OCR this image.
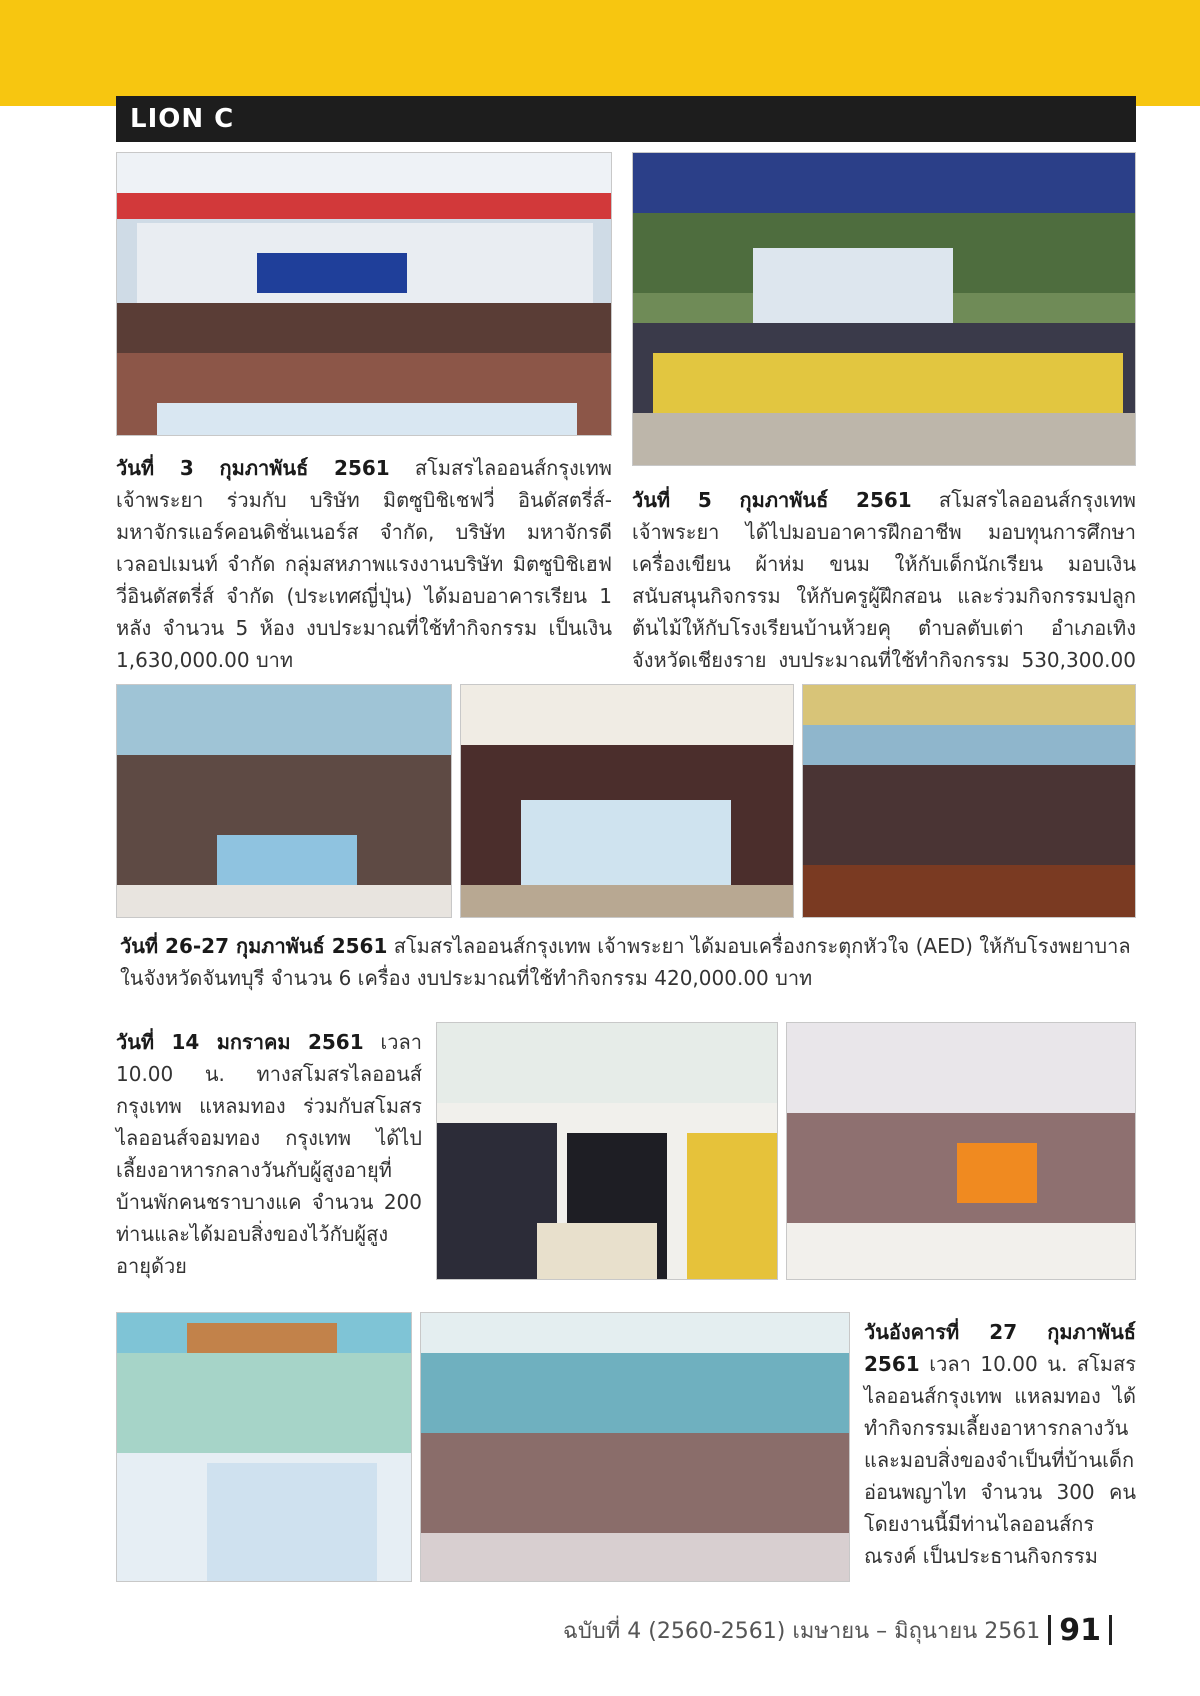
LION C
วันที่ 3 กุมภาพันธ์ 2561 สโมสรไลออนส์กรุงเทพ เจ้าพระยา ร่วมกับ บริษัท มิตซูบิชิเชฟวี่ อินดัสตรี่ส์-มหาจักรแอร์คอนดิชั่นเนอร์ส จำกัด, บริษัท มหาจักรดีเวลอปเมนท์ จำกัด กลุ่มสหภาพแรงงานบริษัท มิตซูบิชิเฮฟวี่อินดัสตรี่ส์ จำกัด (ประเทศญี่ปุ่น) ได้มอบอาคารเรียน 1 หลัง จำนวน 5 ห้อง งบประมาณที่ใช้ทำกิจกรรม เป็นเงิน 1,630,000.00 บาท
วันที่ 5 กุมภาพันธ์ 2561 สโมสรไลออนส์กรุงเทพ เจ้าพระยา ได้ไปมอบอาคารฝึกอาชีพ มอบทุนการศึกษา เครื่องเขียน ผ้าห่ม ขนม ให้กับเด็กนักเรียน มอบเงินสนับสนุนกิจกรรม ให้กับครูผู้ฝึกสอน และร่วมกิจกรรมปลูกต้นไม้ให้กับโรงเรียนบ้านห้วยคุ ตำบลตับเต่า อำเภอเทิง จังหวัดเชียงราย งบประมาณที่ใช้ทำกิจกรรม 530,300.00
วันที่ 26-27 กุมภาพันธ์ 2561 สโมสรไลออนส์กรุงเทพ เจ้าพระยา ได้มอบเครื่องกระตุกหัวใจ (AED) ให้กับโรงพยาบาลในจังหวัดจันทบุรี จำนวน 6 เครื่อง งบประมาณที่ใช้ทำกิจกรรม 420,000.00 บาท
วันที่ 14 มกราคม 2561 เวลา 10.00 น. ทางสโมสรไลออนส์กรุงเทพ แหลมทอง ร่วมกับสโมสรไลออนส์จอมทอง กรุงเทพ ได้ไปเลี้ยงอาหารกลางวันกับผู้สูงอายุที่บ้านพักคนชราบางแค จำนวน 200 ท่านและได้มอบสิ่งของไว้กับผู้สูงอายุด้วย
วันอังคารที่ 27 กุมภาพันธ์ 2561 เวลา 10.00 น. สโมสรไลออนส์กรุงเทพ แหลมทอง ได้ทำกิจกรรมเลี้ยงอาหารกลางวันและมอบสิ่งของจำเป็นที่บ้านเด็กอ่อนพญาไท จำนวน 300 คน โดยงานนี้มีท่านไลออนส์กรณรงค์ เป็นประธานกิจกรรม
ฉบับที่ 4 (2560-2561) เมษายน – มิถุนายน 2561 91
